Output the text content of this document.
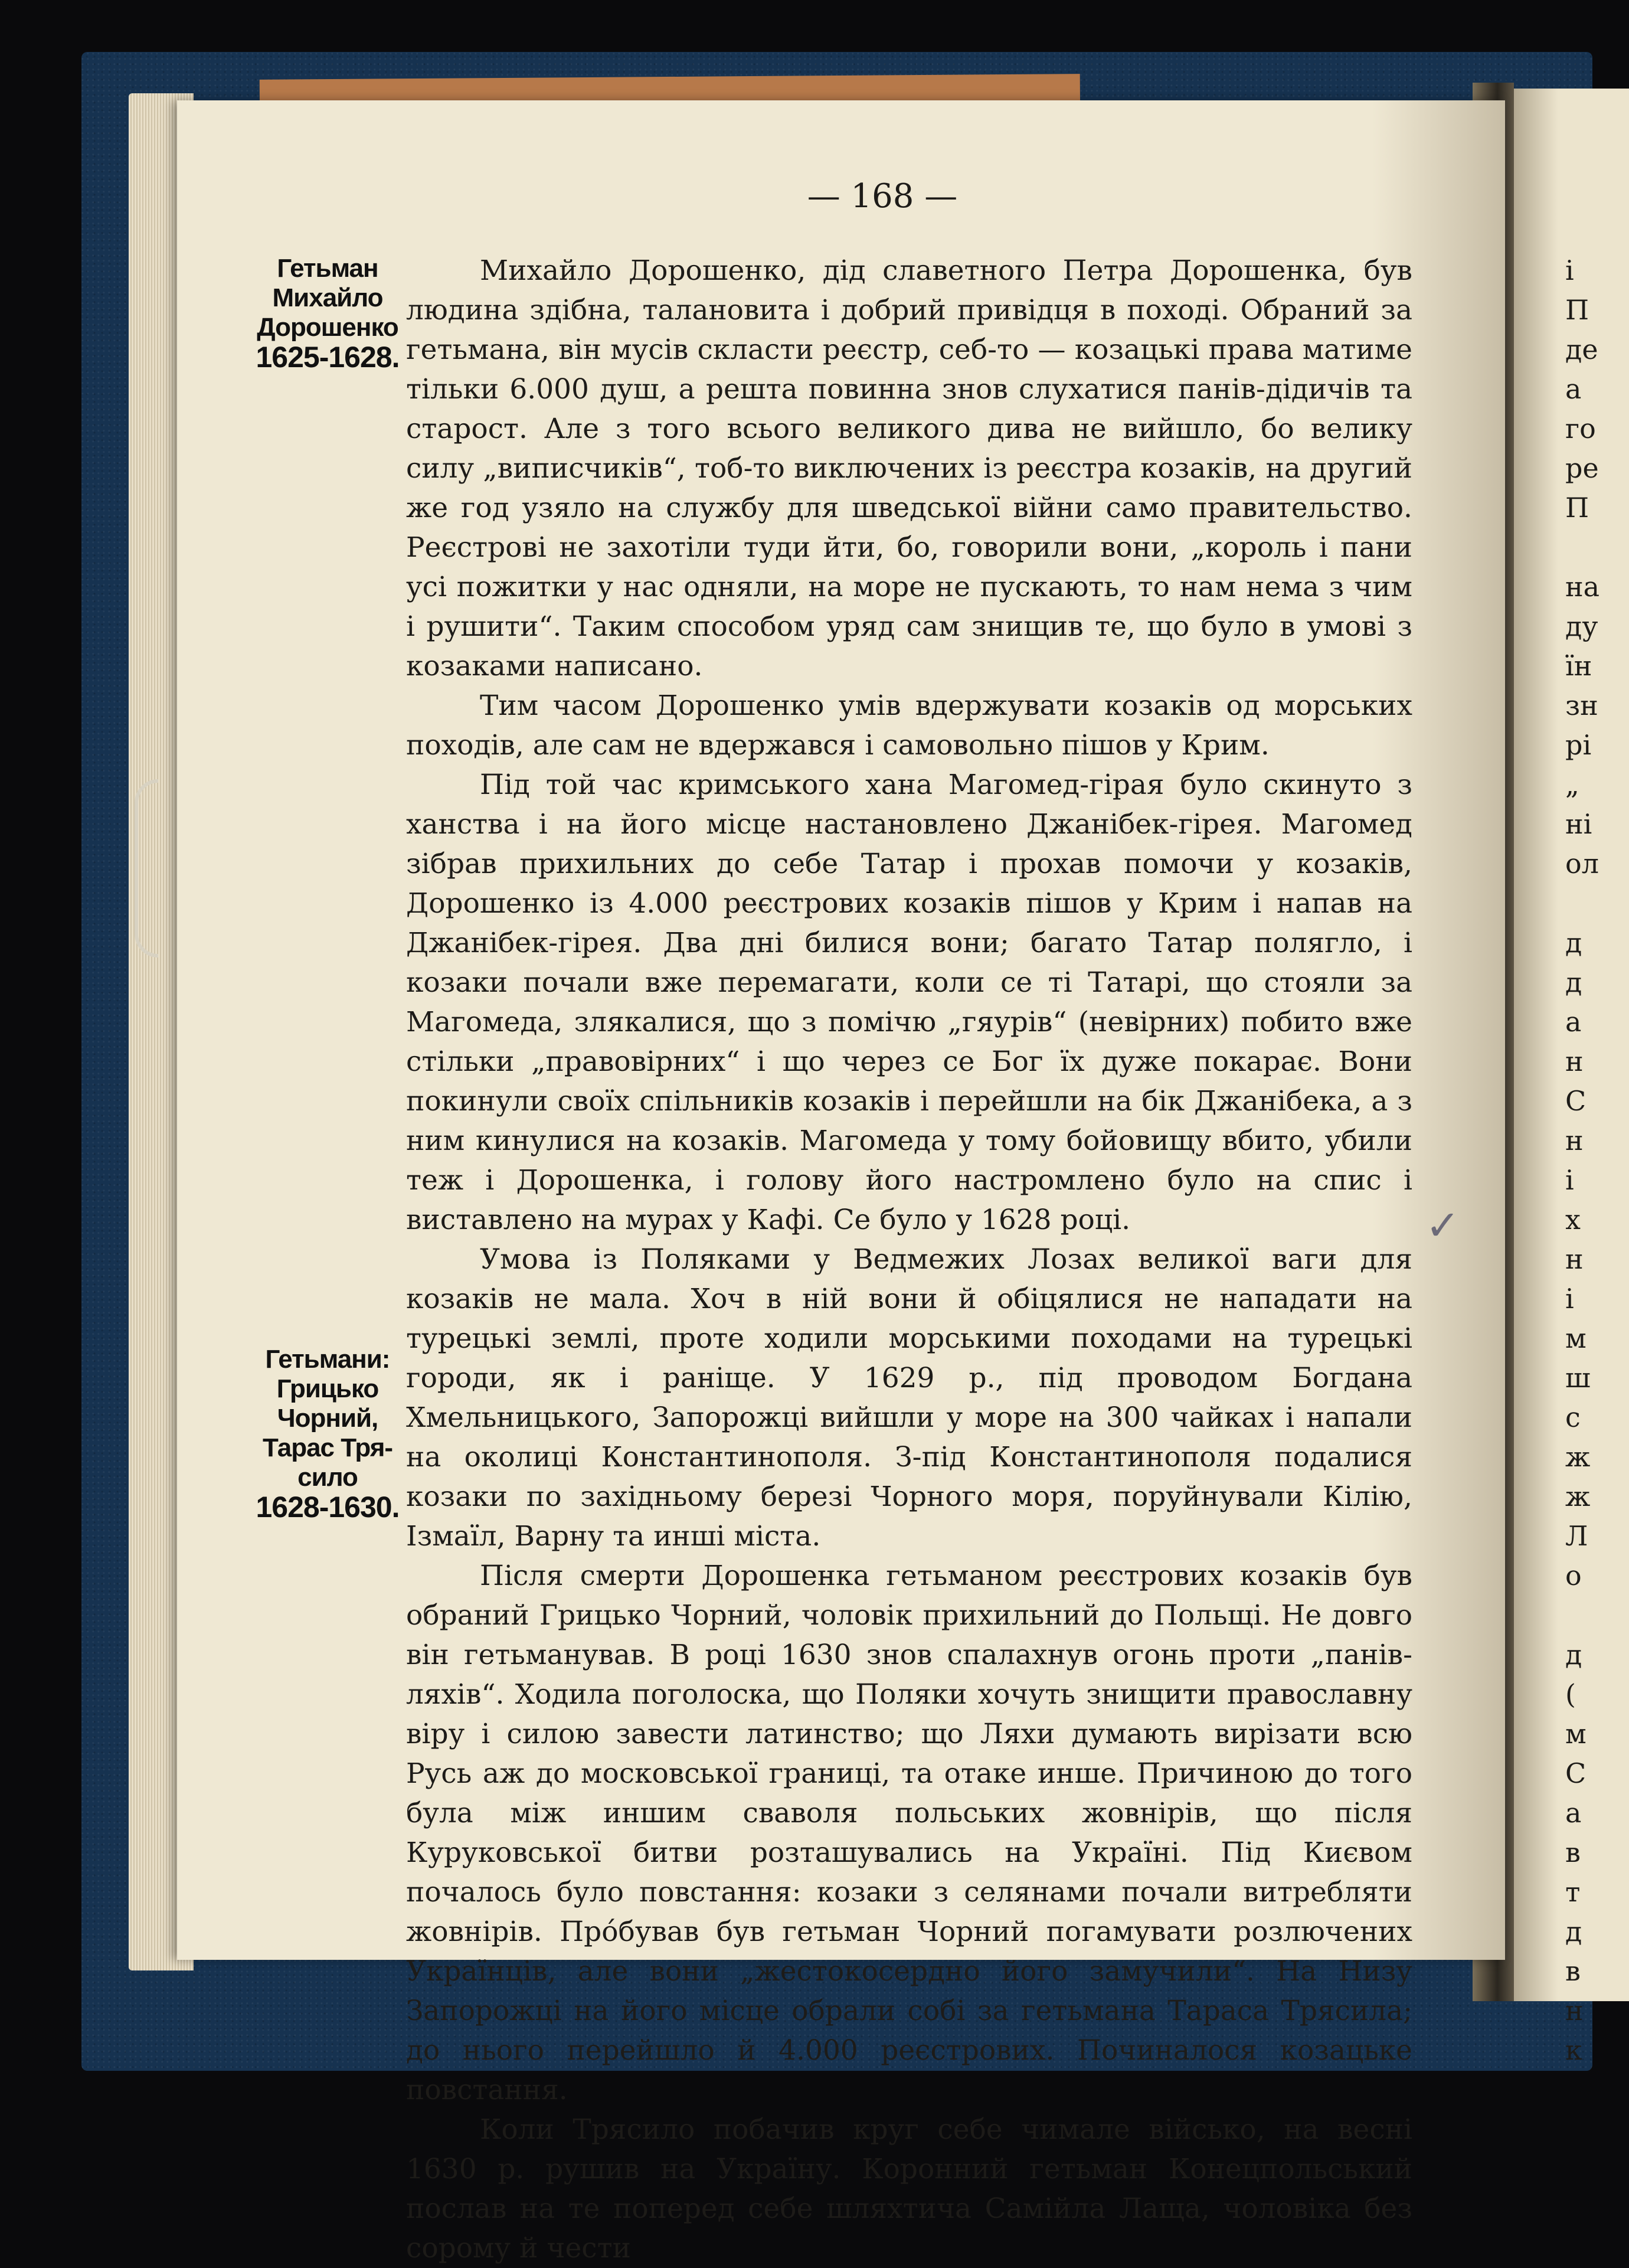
— 168 —
Гетьман
Михайло
Дорошенко
1625-1628.
Гетьмани:
Грицько
Чорний,
Тарас Тря-
сило
1628-1630.

Михайло Дорошенко, дід славетного Петра Дорошенка, був людина здібна, талановита і добрий привідця в поході. Обраний за гетьмана, він мусів скласти реєстр, себ-то — козацькі права матиме тільки 6.000 душ, а решта повинна знов слухатися панів-дідичів та старост. Але з того всього великого дива не вийшло, бо велику силу „виписчиків“, тоб-то виключених із реєстра козаків, на другий же год узяло на службу для шведської війни само правительство. Реєстрові не захотіли туди йти, бо, говорили вони, „король і пани усі пожитки у нас одняли, на море не пускають, то нам нема з чим і рушити“. Таким способом уряд сам знищив те, що було в умові з козаками написано.

Тим часом Дорошенко умів вдержувати козаків од морських походів, але сам не вдержався і самовольно пішов у Крим.

Під той час кримського хана Магомед-гірая було скинуто з ханства і на його місце настановлено Джанібек-гірея. Магомед зібрав прихильних до себе Татар і прохав помочи у козаків, Дорошенко із 4.000 реєстрових козаків пішов у Крим і напав на Джанібек-гірея. Два дні билися вони; багато Татар полягло, і козаки почали вже перемагати, коли се ті Татарі, що стояли за Магомеда, злякалися, що з помічю „гяурів“ (невірних) побито вже стільки „правовірних“ і що через се Бог їх дуже покарає. Вони покинули своїх спільників козаків і перейшли на бік Джанібека, а з ним кинулися на козаків. Магомеда у тому бойовищу вбито, убили теж і Дорошенка, і голову його настромлено було на спис і виставлено на мурах у Кафі. Се було у 1628 році.

Умова із Поляками у Ведмежих Лозах великої ваги для козаків не мала. Хоч в ній вони й обіцялися не нападати на турецькі землі, проте ходили морськими походами на турецькі городи, як і раніще. У 1629 р., під проводом Богдана Хмельницького, Запорожці вийшли у море на 300 чайках і напали на околиці Константинополя. З-під Константинополя подалися козаки по західньому березі Чорного моря, поруйнували Кілію, Ізмаїл, Варну та инші міста.

Після смерти Дорошенка гетьманом реєстрових козаків був обраний Грицько Чорний, чоловік прихильний до Польщі. Не довго він гетьманував. В році 1630 знов спалахнув огонь проти „панів-ляхів“. Ходила поголоска, що Поляки хочуть знищити православну віру і силою завести латинство; що Ляхи думають вирізати всю Русь аж до московської границі, та отаке инше. Причиною до того була між иншим сваволя польських жовнірів, що після Куруковської битви розташувались на Україні. Під Києвом почалось було повстання: козаки з селянами почали витребляти жовнірів. Прóбував був гетьман Чорний погамувати розлючених Українців, але вони „жестокосердно його замучили“. На Низу Запорожці на його місце обрали собі за гетьмана Тараса Трясила; до нього перейшло й 4.000 реєстрових. Починалося козацьке повстання.

Коли Трясило побачив круг себе чимале військо, на весні 1630 р. рушив на Україну. Коронний гетьман Конецпольський послав на те поперед себе шляхтича Самійла Лаща, чоловіка без сорому й чести

✓
і
П
де
а
го
ре
П
на
ду
їн
зн
рі
„
ні
ол
д
д
а
н
С
н
і
х
н
і
м
ш
с
ж
ж
Л
о
д
(
м
С
а
в
т
д
в
н
к
